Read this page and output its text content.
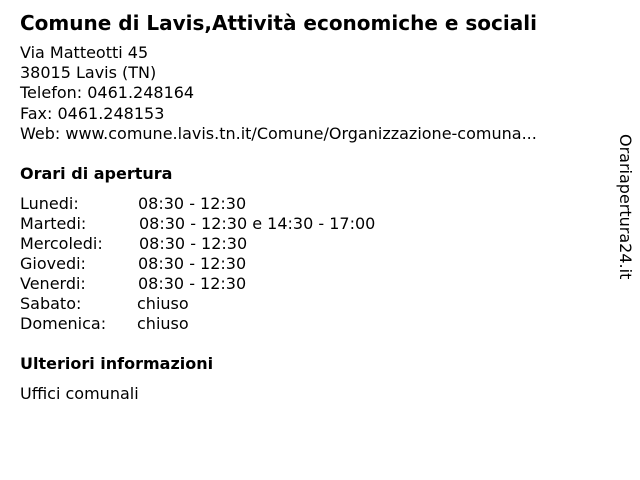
Comune di Lavis,Attività economiche e sociali
Via Matteotti 45
38015 Lavis (TN)
Telefon: 0461.248164
Fax: 0461.248153
Web: www.comune.lavis.tn.it/Comune/Organizzazione-comuna...
Orari di apertura
Lunedi:	08:30 - 12:30
Martedi:	08:30 - 12:30 e 14:30 - 17:00
Mercoledi: 08:30 - 12:30
Giovedi:	08:30 - 12:30
Venerdi:	08:30 - 12:30
Sabato:	chiuso
Domenica: chiuso
Ulteriori informazioni
Uffici comunali
Orariapertura24.it
